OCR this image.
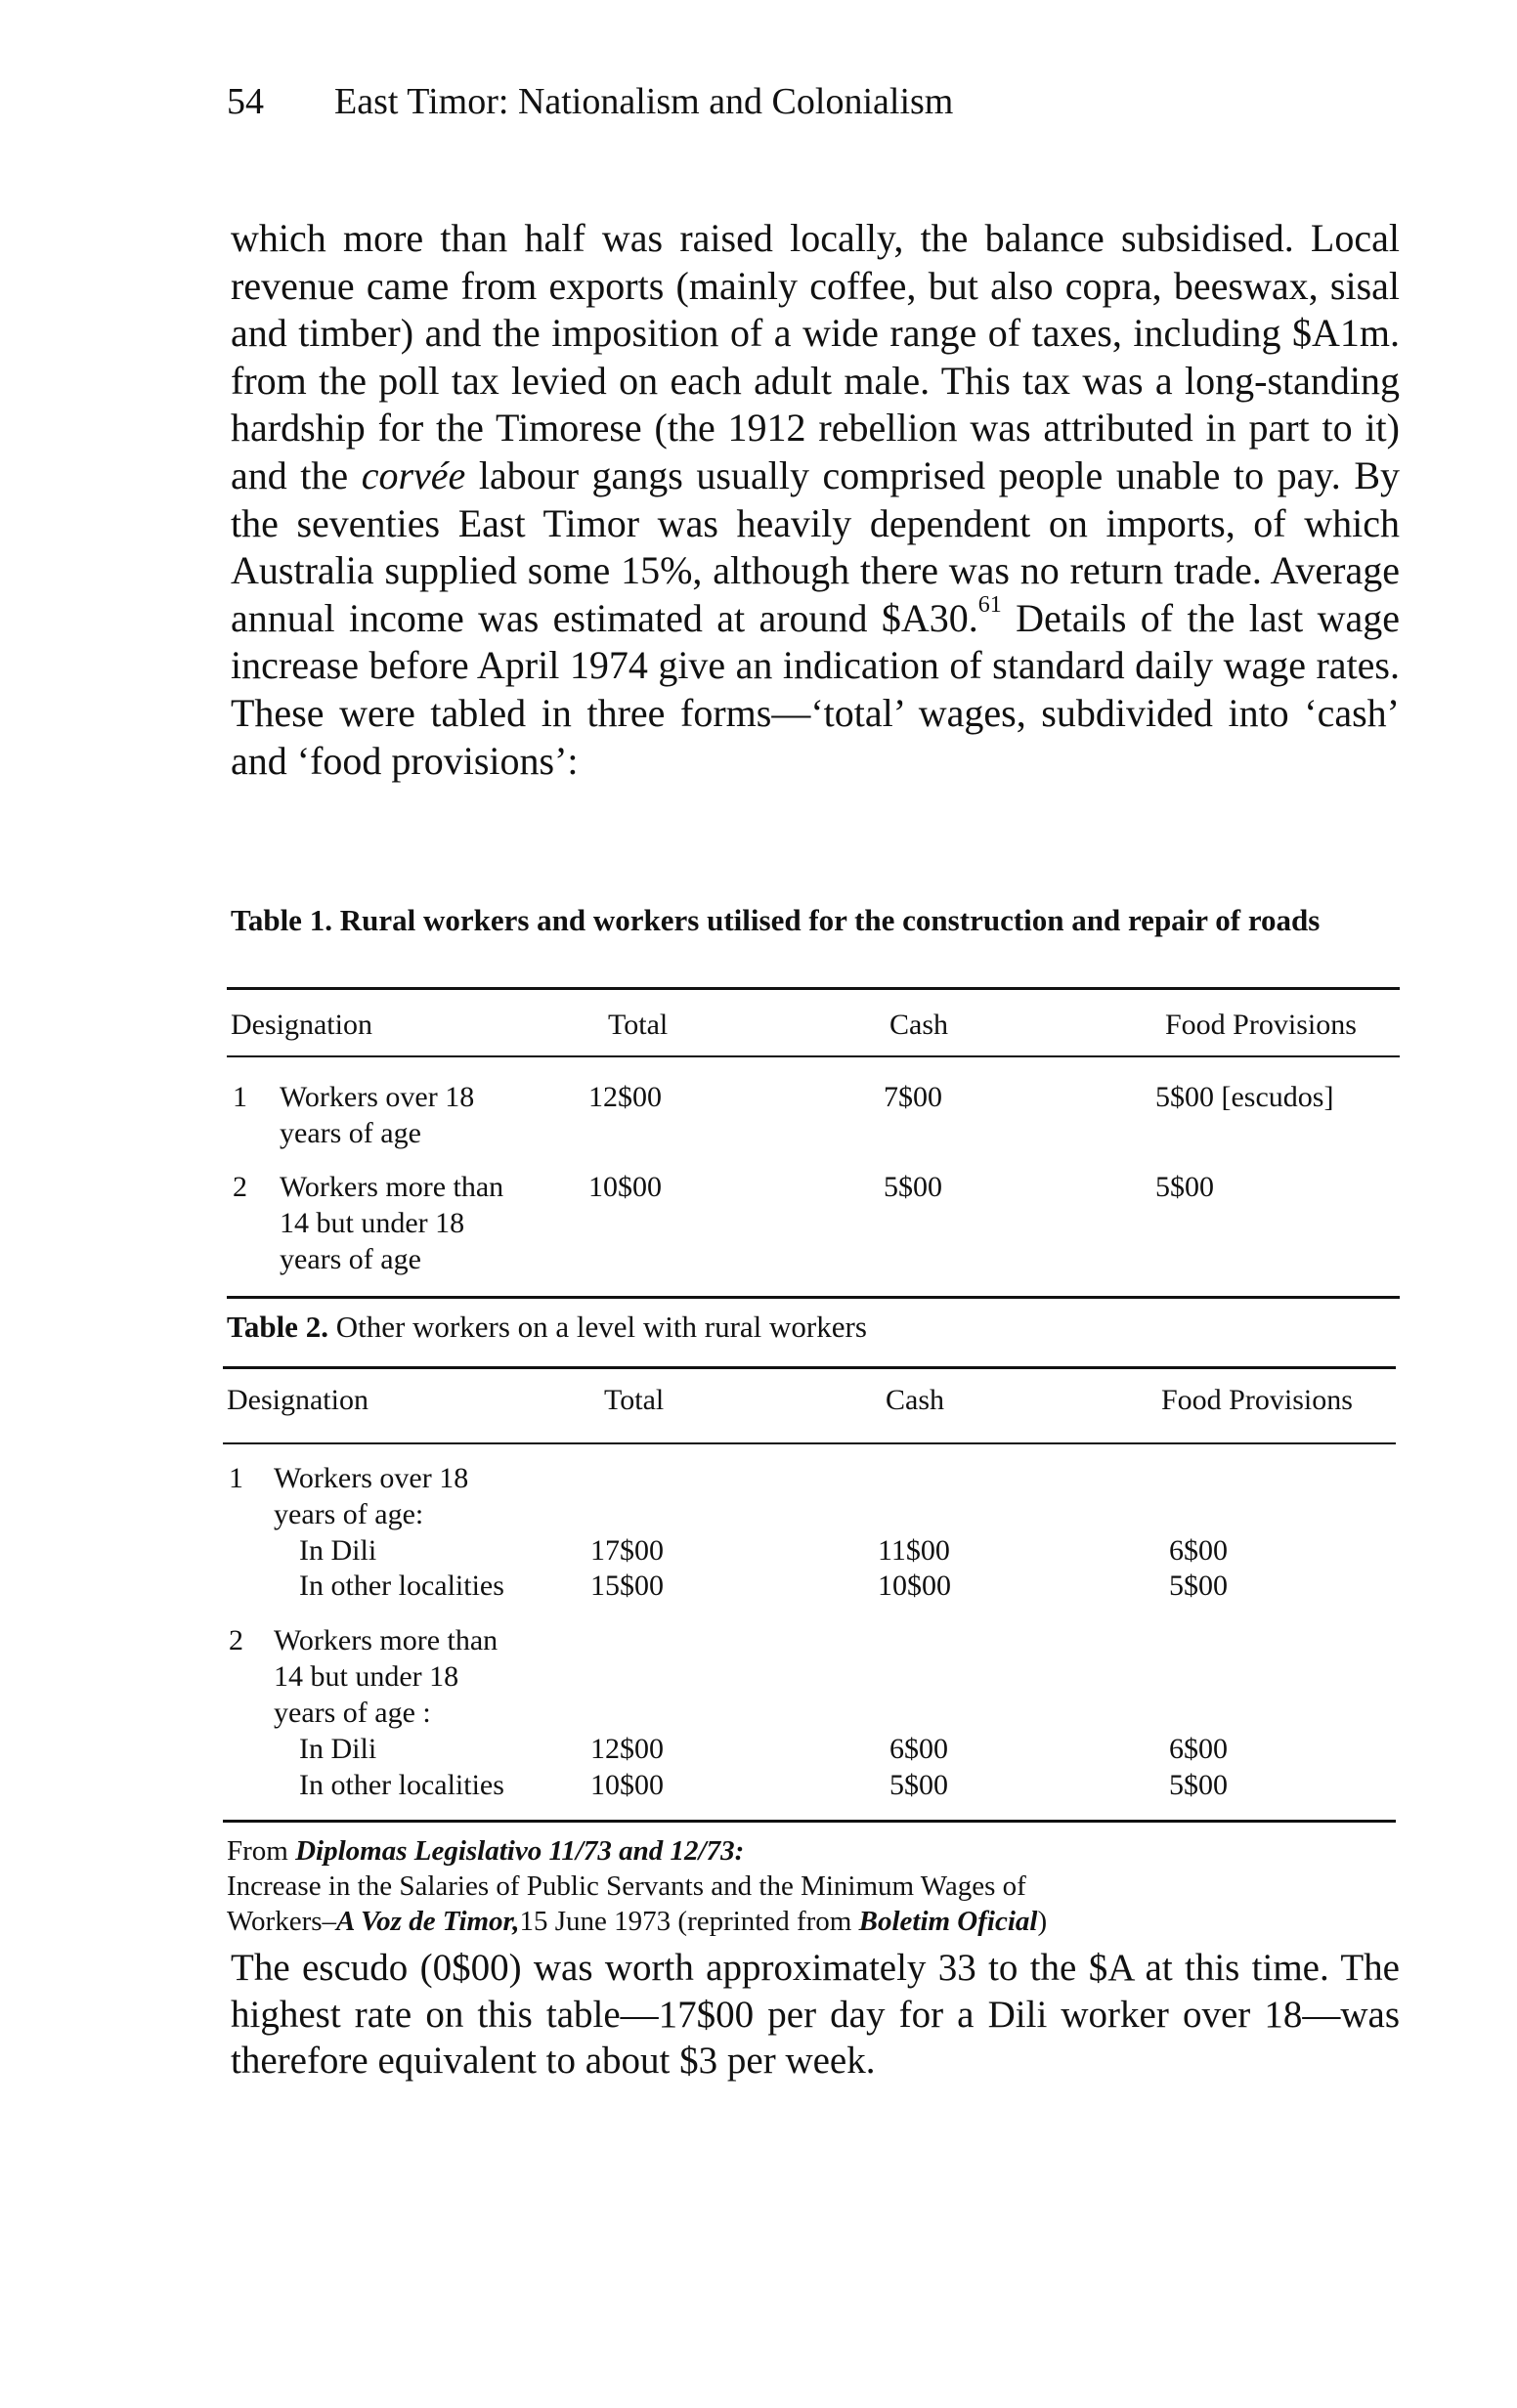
54 East Timor: Nationalism and Colonialism
which more than half was raised locally, the balance subsidised. Local revenue came from exports (mainly coffee, but also copra, beeswax, sisal and timber) and the imposition of a wide range of taxes, including $A1m. from the poll tax levied on each adult male. This tax was a long-standing hardship for the Timorese (the 1912 rebellion was attributed in part to it) and the corvée labour gangs usually comprised people unable to pay. By the seventies East Timor was heavily dependent on imports, of which Australia supplied some 15%, although there was no return trade. Average annual income was estimated at around $A30.61 Details of the last wage increase before April 1974 give an indication of standard daily wage rates. These were tabled in three forms—‘total’ wages, subdivided into ‘cash’ and ‘food provisions’:
Table 1. Rural workers and workers utilised for the construction and repair of roads
Designation	Total	Cash	Food Provisions
1 Workers over 18
years of age
12$00	7$00	5$00 [escudos]
2 Workers more than
14 but under 18
years of age
10$00	5$00	5$00
Table 2. Other workers on a level with rural workers
Designation	Total	Cash	Food Provisions
1 Workers over 18
years of age:
In Dili	17$00	11$00	6$00
In other localities	15$00	10$00	5$00
2 Workers more than
14 but under 18
years of age :
In Dili	12$00	6$00	6$00
In other localities	10$00	5$00	5$00
From Diplomas Legislativo 11/73 and 12/73:
Increase in the Salaries of Public Servants and the Minimum Wages of
Workers–A Voz de Timor,15 June 1973 (reprinted from Boletim Oficial)
The escudo (0$00) was worth approximately 33 to the $A at this time. The highest rate on this table—17$00 per day for a Dili worker over 18—was therefore equivalent to about $3 per week.
